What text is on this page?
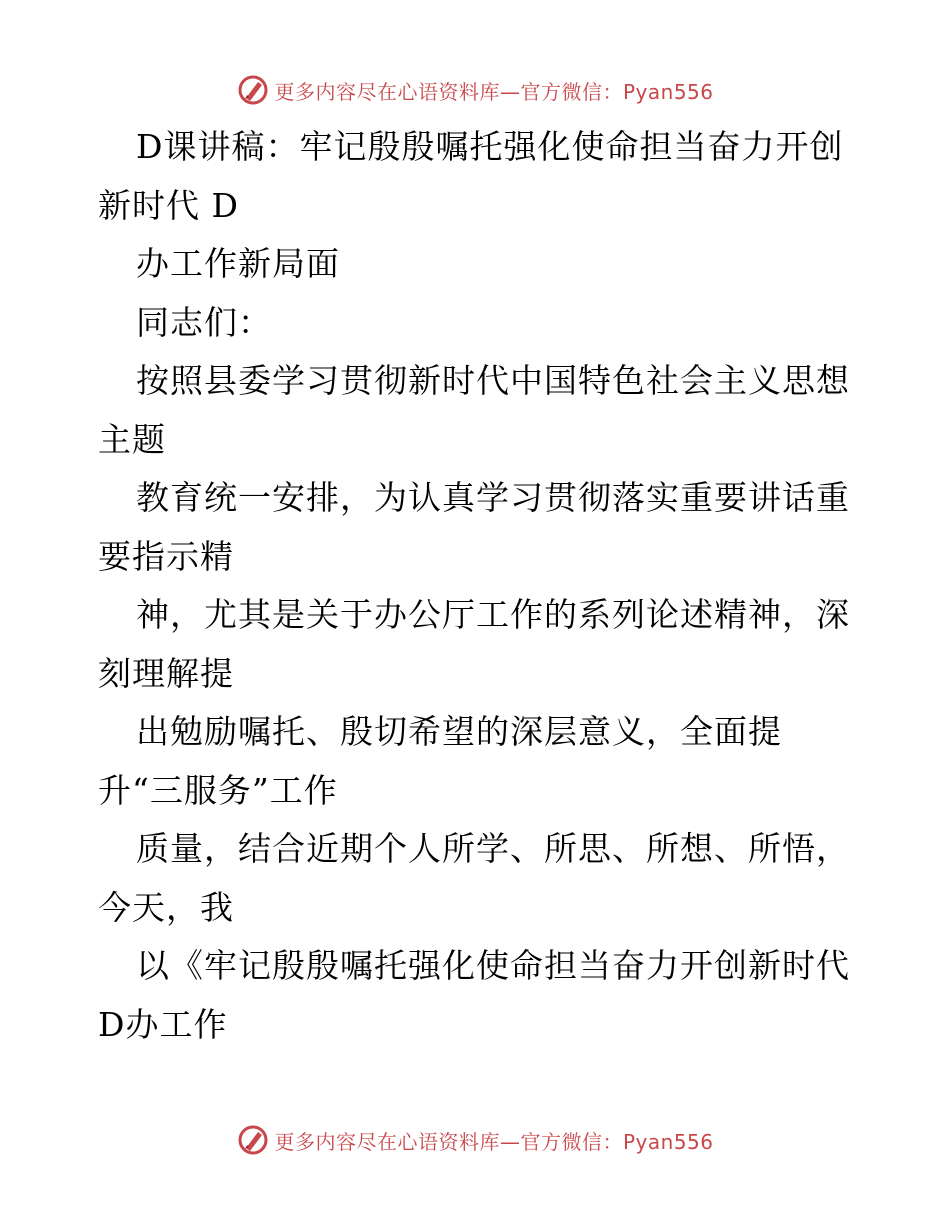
更多内容尽在心语资料库—官方微信：Pyan556
D课讲稿：牢记殷殷嘱托强化使命担当奋力开创
新时代 D
办工作新局面
同志们：
按照县委学习贯彻新时代中国特色社会主义思想
主题
教育统一安排，为认真学习贯彻落实重要讲话重
要指示精
神，尤其是关于办公厅工作的系列论述精神，深
刻理解提
出勉励嘱托、殷切希望的深层意义，全面提
升“三服务”工作
质量，结合近期个人所学、所思、所想、所悟，
今天，我
以《牢记殷殷嘱托强化使命担当奋力开创新时代
D办工作
更多内容尽在心语资料库—官方微信：Pyan556
